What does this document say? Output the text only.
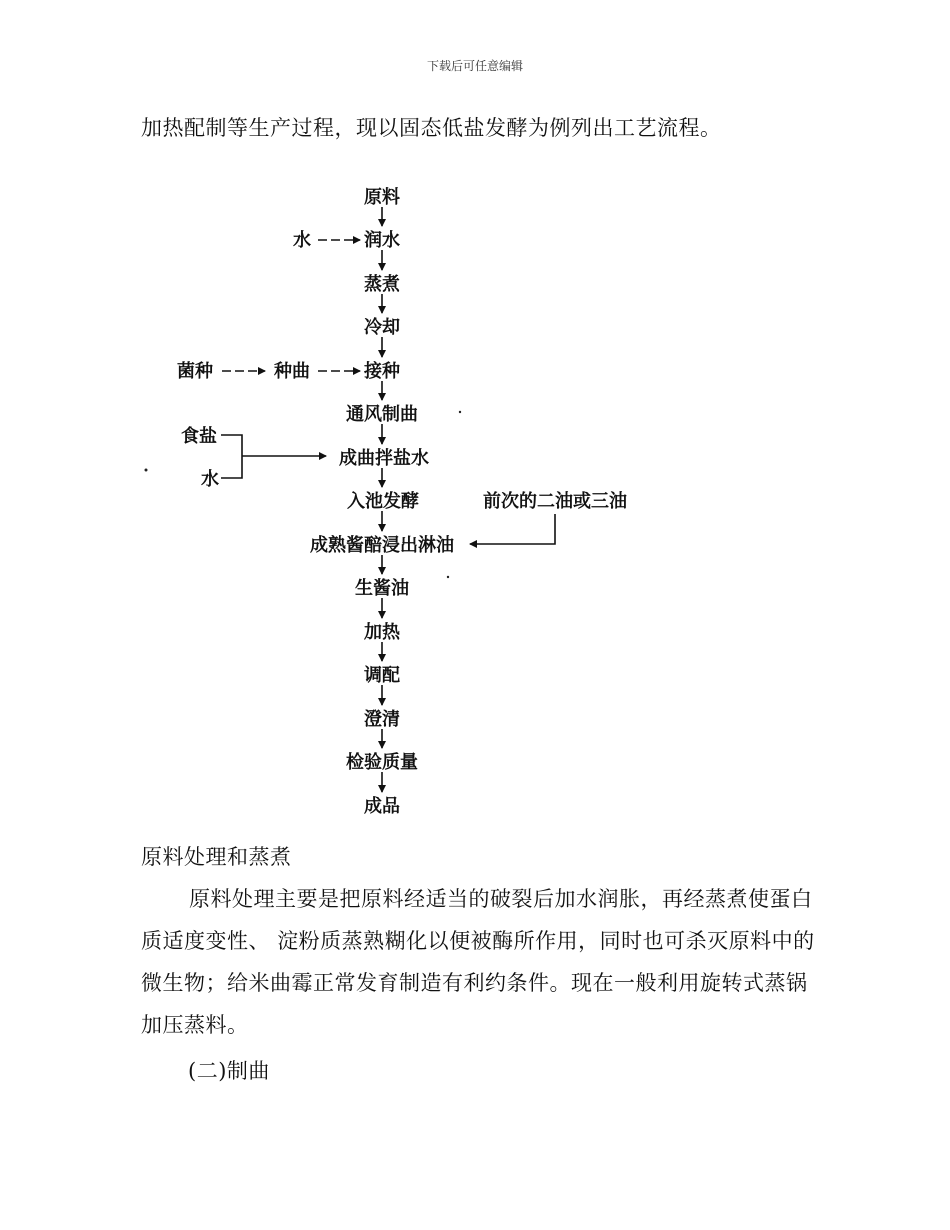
下载后可任意编辑
加热配制等生产过程，现以固态低盐发酵为例列出工艺流程。
原料
润水
蒸煮
冷却
接种
通风制曲
成曲拌盐水
入池发酵
成熟酱醅浸出淋油
生酱油
加热
调配
澄清
检验质量
成品
水
菌种	种曲
食盐
水
前次的二油或三油
原料处理和蒸煮
原料处理主要是把原料经适当的破裂后加水润胀，再经蒸煮使蛋白质适度变性、 淀粉质蒸熟糊化以便被酶所作用，同时也可杀灭原料中的微生物；给米曲霉正常发育制造有利约条件。现在一般利用旋转式蒸锅加压蒸料。
(二)制曲
